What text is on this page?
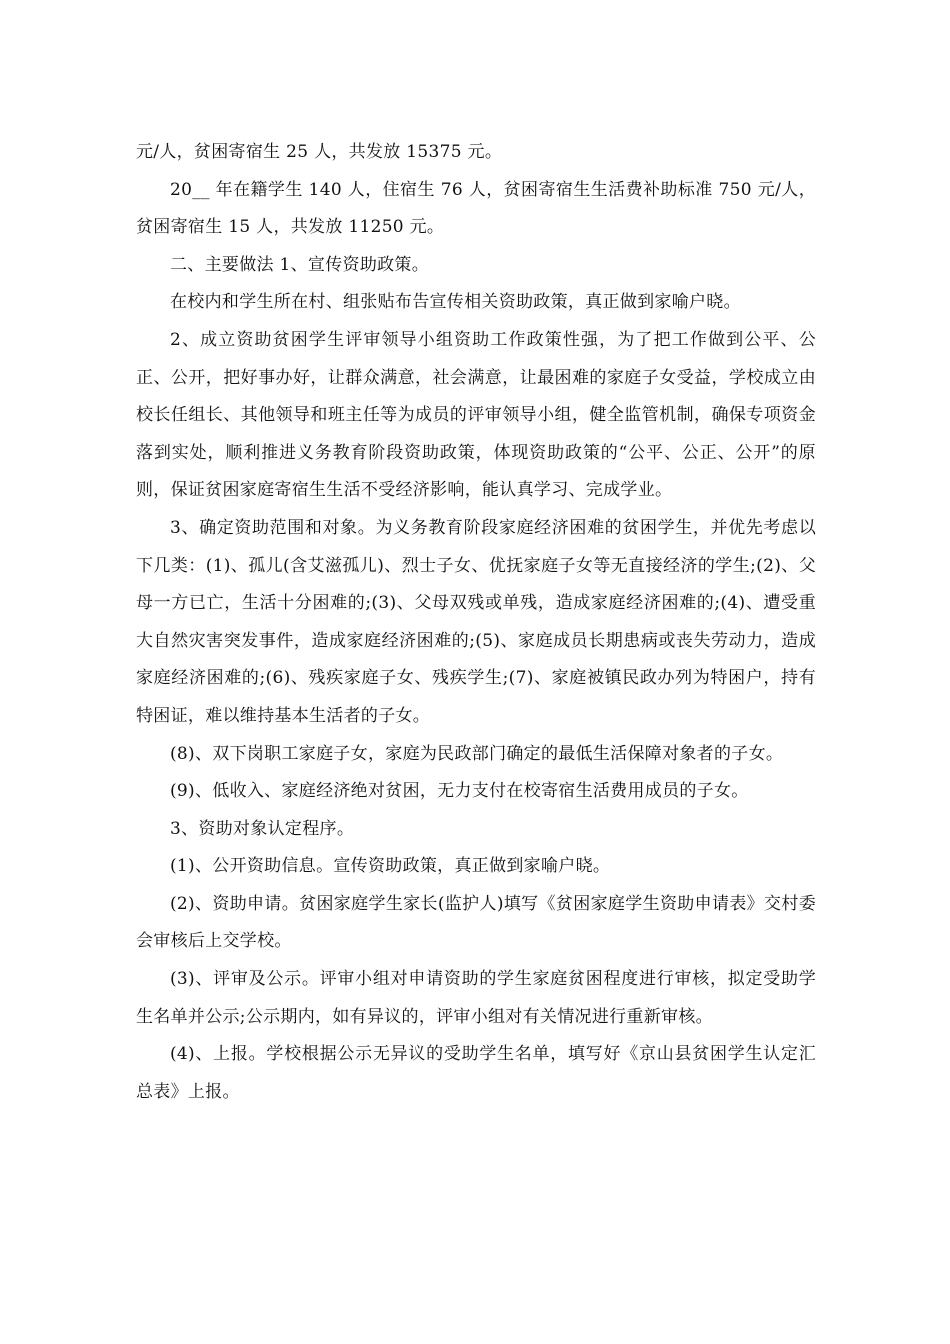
元/人，贫困寄宿生 25 人，共发放 15375 元。

20__ 年在籍学生 140 人，住宿生 76 人，贫困寄宿生生活费补助标准 750 元/人，贫困寄宿生 15 人，共发放 11250 元。

二、主要做法 1、宣传资助政策。

在校内和学生所在村、组张贴布告宣传相关资助政策，真正做到家喻户晓。

2、成立资助贫困学生评审领导小组资助工作政策性强，为了把工作做到公平、公正、公开，把好事办好，让群众满意，社会满意，让最困难的家庭子女受益，学校成立由校长任组长、其他领导和班主任等为成员的评审领导小组，健全监管机制，确保专项资金落到实处，顺利推进义务教育阶段资助政策，体现资助政策的“公平、公正、公开”的原则，保证贫困家庭寄宿生生活不受经济影响，能认真学习、完成学业。

3、确定资助范围和对象。为义务教育阶段家庭经济困难的贫困学生，并优先考虑以下几类：(1)、孤儿(含艾滋孤儿)、烈士子女、优抚家庭子女等无直接经济的学生;(2)、父母一方已亡，生活十分困难的;(3)、父母双残或单残，造成家庭经济困难的;(4)、遭受重大自然灾害突发事件，造成家庭经济困难的;(5)、家庭成员长期患病或丧失劳动力，造成家庭经济困难的;(6)、残疾家庭子女、残疾学生;(7)、家庭被镇民政办列为特困户，持有特困证，难以维持基本生活者的子女。

(8)、双下岗职工家庭子女，家庭为民政部门确定的最低生活保障对象者的子女。

(9)、低收入、家庭经济绝对贫困，无力支付在校寄宿生活费用成员的子女。

3、资助对象认定程序。

(1)、公开资助信息。宣传资助政策，真正做到家喻户晓。

(2)、资助申请。贫困家庭学生家长(监护人)填写《贫困家庭学生资助申请表》交村委会审核后上交学校。

(3)、评审及公示。评审小组对申请资助的学生家庭贫困程度进行审核，拟定受助学生名单并公示;公示期内，如有异议的，评审小组对有关情况进行重新审核。

(4)、上报。学校根据公示无异议的受助学生名单，填写好《京山县贫困学生认定汇总表》上报。
